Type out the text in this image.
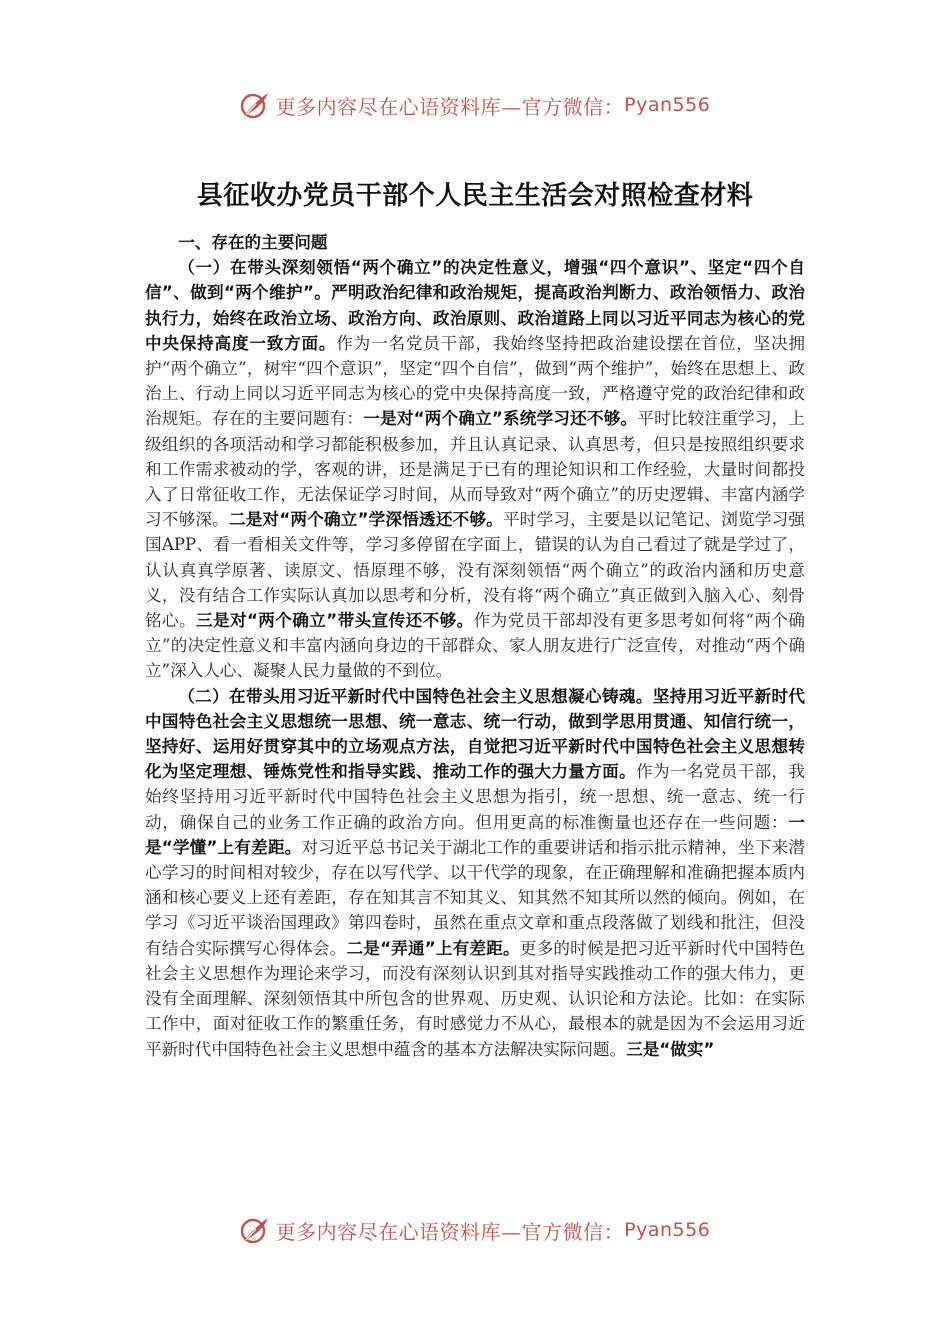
更多内容尽在心语资料库—官方微信： Pyan556
县征收办党员干部个人民主生活会对照检查材料

一、存在的主要问题

（一）在带头深刻领悟“两个确立”的决定性意义，增强“四个意识”、坚定“四个自信”、做到“两个维护”。严明政治纪律和政治规矩，提高政治判断力、政治领悟力、政治执行力，始终在政治立场、政治方向、政治原则、政治道路上同以习近平同志为核心的党中央保持高度一致方面。作为一名党员干部，我始终坚持把政治建设摆在首位，坚决拥护“两个确立”，树牢“四个意识”，坚定“四个自信”，做到“两个维护”，始终在思想上、政治上、行动上同以习近平同志为核心的党中央保持高度一致，严格遵守党的政治纪律和政治规矩。存在的主要问题有：一是对“两个确立”系统学习还不够。平时比较注重学习，上级组织的各项活动和学习都能积极参加，并且认真记录、认真思考，但只是按照组织要求和工作需求被动的学，客观的讲，还是满足于已有的理论知识和工作经验，大量时间都投入了日常征收工作，无法保证学习时间，从而导致对“两个确立”的历史逻辑、丰富内涵学习不够深。二是对“两个确立”学深悟透还不够。平时学习，主要是以记笔记、浏览学习强国APP、看一看相关文件等，学习多停留在字面上，错误的认为自己看过了就是学过了，认认真真学原著、读原文、悟原理不够，没有深刻领悟“两个确立”的政治内涵和历史意义，没有结合工作实际认真加以思考和分析，没有将“两个确立”真正做到入脑入心、刻骨铭心。三是对“两个确立”带头宣传还不够。作为党员干部却没有更多思考如何将“两个确立”的决定性意义和丰富内涵向身边的干部群众、家人朋友进行广泛宣传，对推动“两个确立”深入人心、凝聚人民力量做的不到位。

（二）在带头用习近平新时代中国特色社会主义思想凝心铸魂。坚持用习近平新时代中国特色社会主义思想统一思想、统一意志、统一行动，做到学思用贯通、知信行统一，坚持好、运用好贯穿其中的立场观点方法，自觉把习近平新时代中国特色社会主义思想转化为坚定理想、锤炼党性和指导实践、推动工作的强大力量方面。作为一名党员干部，我始终坚持用习近平新时代中国特色社会主义思想为指引，统一思想、统一意志、统一行动，确保自己的业务工作正确的政治方向。但用更高的标准衡量也还存在一些问题：一是“学懂”上有差距。对习近平总书记关于湖北工作的重要讲话和指示批示精神，坐下来潜心学习的时间相对较少，存在以写代学、以干代学的现象，在正确理解和准确把握本质内涵和核心要义上还有差距，存在知其言不知其义、知其然不知其所以然的倾向。例如，在学习《习近平谈治国理政》第四卷时，虽然在重点文章和重点段落做了划线和批注，但没有结合实际撰写心得体会。二是“弄通”上有差距。更多的时候是把习近平新时代中国特色社会主义思想作为理论来学习，而没有深刻认识到其对指导实践推动工作的强大伟力，更没有全面理解、深刻领悟其中所包含的世界观、历史观、认识论和方法论。比如：在实际工作中，面对征收工作的繁重任务，有时感觉力不从心，最根本的就是因为不会运用习近平新时代中国特色社会主义思想中蕴含的基本方法解决实际问题。三是“做实”

更多内容尽在心语资料库—官方微信： Pyan556
